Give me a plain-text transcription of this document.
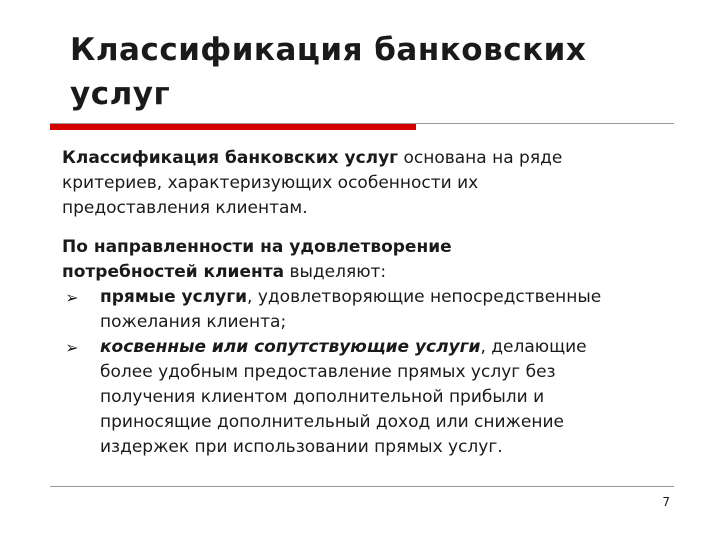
Классификация банковских
услуг
Классификация банковских услуг основана на ряде
критериев, характеризующих особенности их
предоставления клиентам.
По направленности на удовлетворение
потребностей клиента выделяют:
➢ прямые услуги, удовлетворяющие непосредственные
пожелания клиента;
➢ косвенные или сопутствующие услуги, делающие
более удобным предоставление прямых услуг без
получения клиентом дополнительной прибыли и
приносящие дополнительный доход или снижение
издержек при использовании прямых услуг.
7
